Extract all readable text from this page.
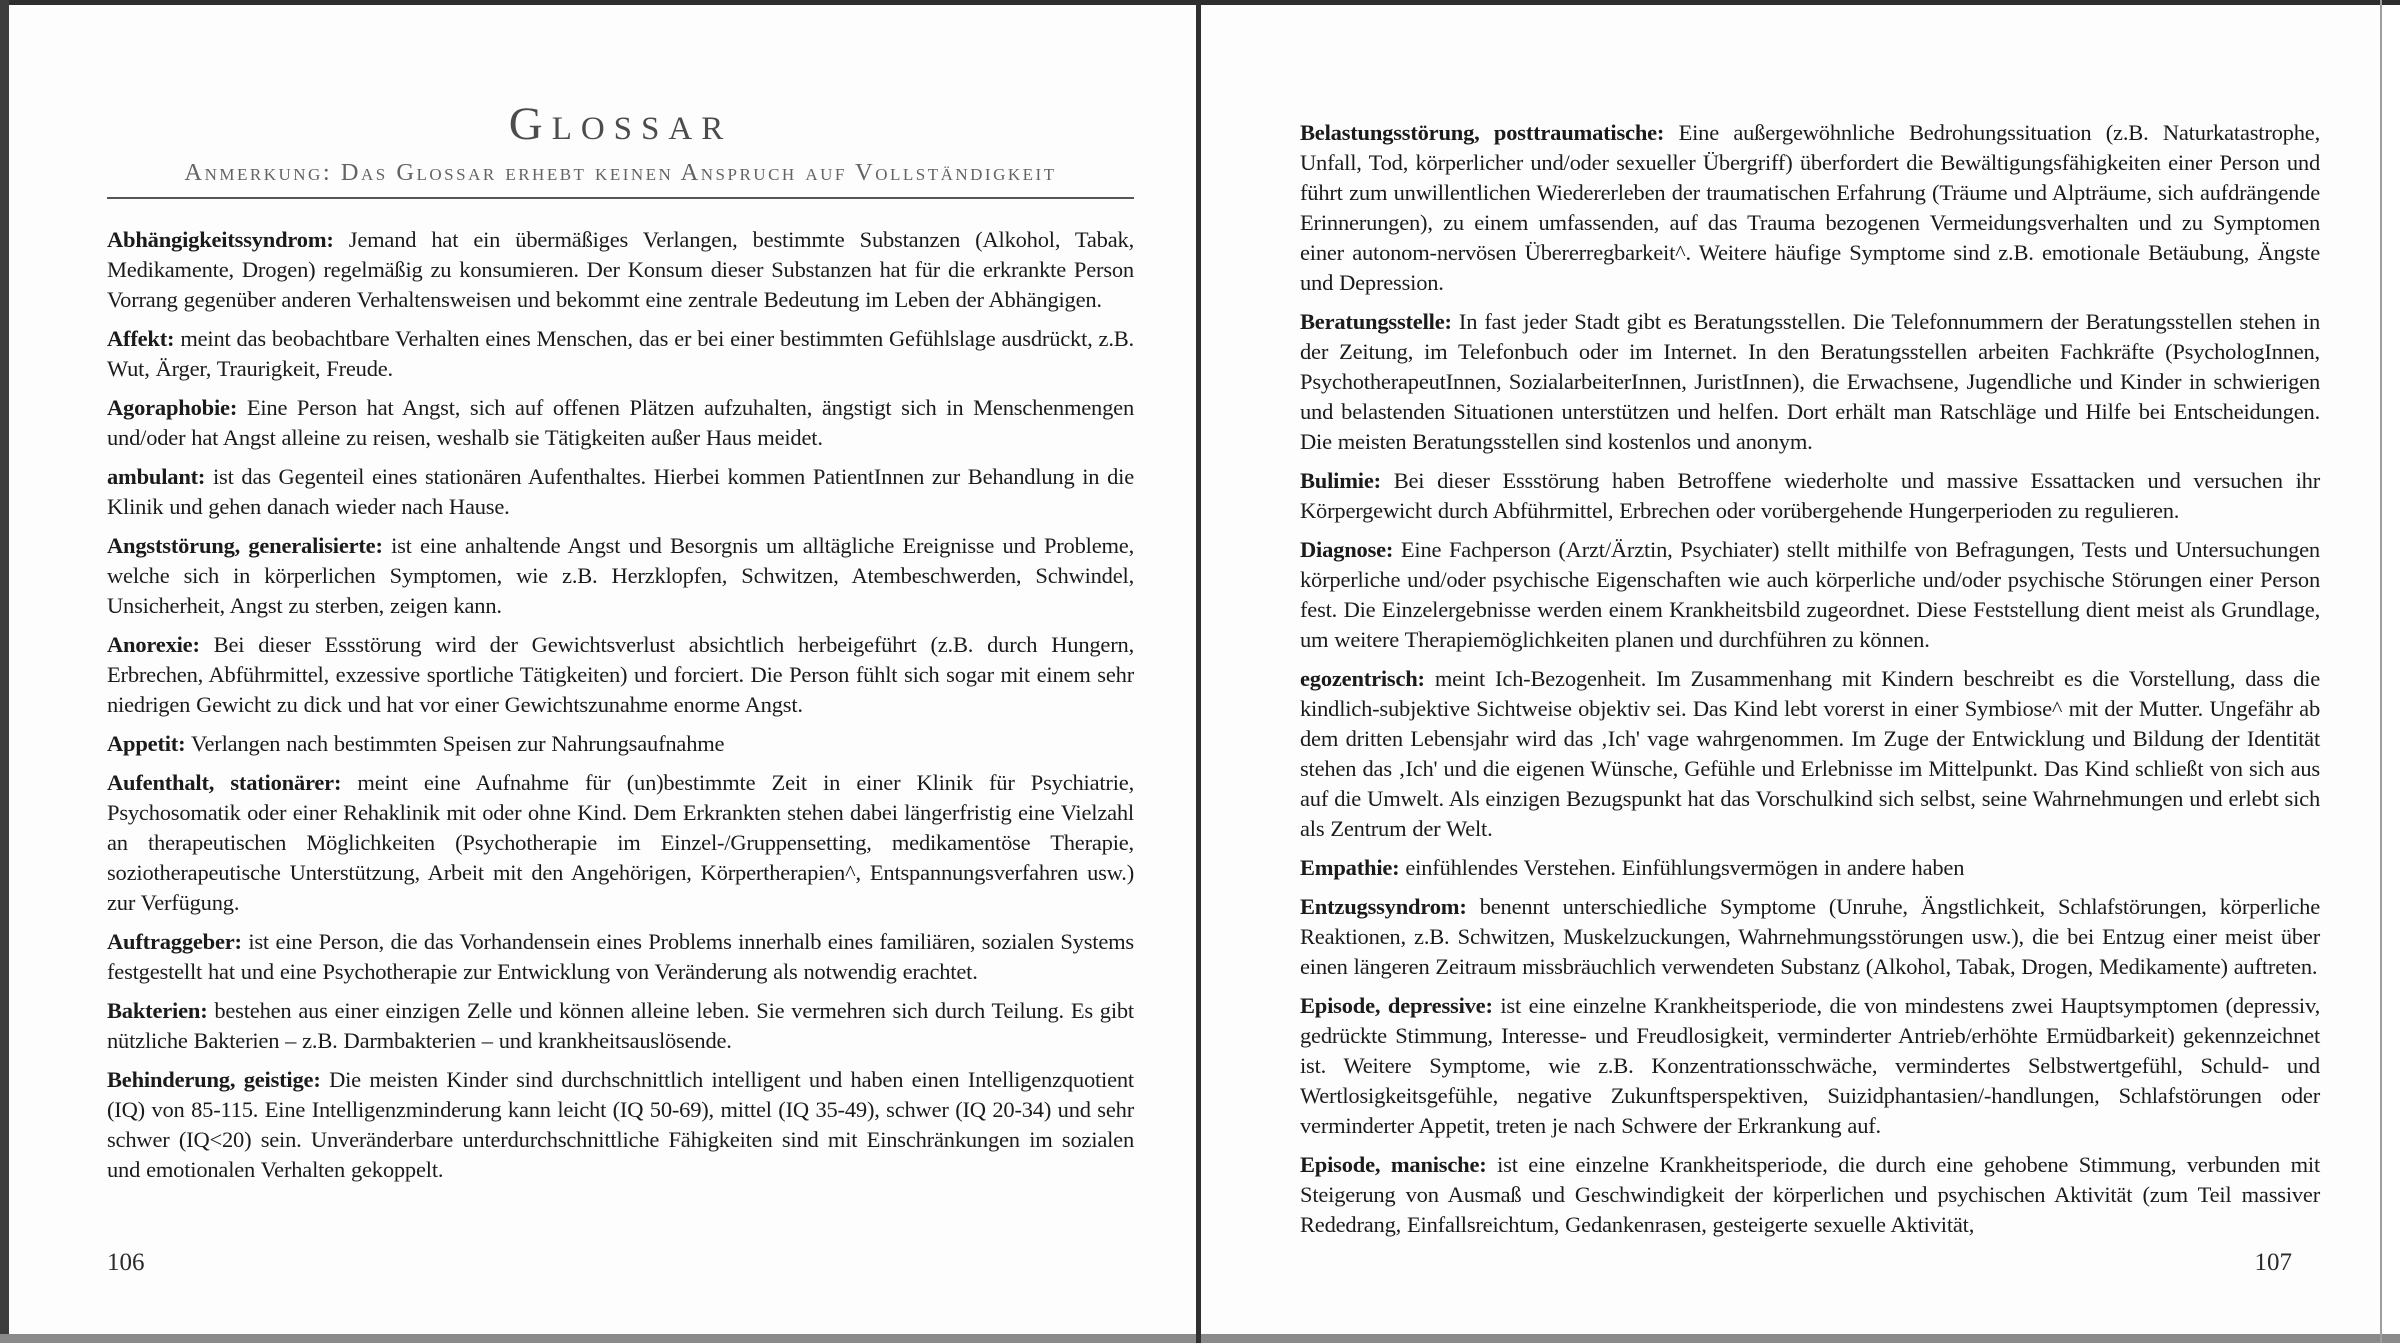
Glossar
Anmerkung: Das Glossar erhebt keinen Anspruch auf Vollständigkeit

Abhängigkeitssyndrom: Jemand hat ein übermäßiges Verlangen, bestimmte Substanzen (Alkohol, Tabak, Medikamente, Drogen) regelmäßig zu konsumieren. Der Konsum dieser Substanzen hat für die erkrankte Person Vorrang gegenüber anderen Verhaltensweisen und bekommt eine zentrale Bedeutung im Leben der Abhängigen.

Affekt: meint das beobachtbare Verhalten eines Menschen, das er bei einer bestimmten Gefühlslage ausdrückt, z.B. Wut, Ärger, Traurigkeit, Freude.

Agoraphobie: Eine Person hat Angst, sich auf offenen Plätzen aufzuhalten, ängstigt sich in Menschenmengen und/oder hat Angst alleine zu reisen, weshalb sie Tätigkeiten außer Haus meidet.

ambulant: ist das Gegenteil eines stationären Aufenthaltes. Hierbei kommen PatientInnen zur Behandlung in die Klinik und gehen danach wieder nach Hause.

Angststörung, generalisierte: ist eine anhaltende Angst und Besorgnis um alltägliche Ereignisse und Probleme, welche sich in körperlichen Symptomen, wie z.B. Herzklopfen, Schwitzen, Atembeschwerden, Schwindel, Unsicherheit, Angst zu sterben, zeigen kann.

Anorexie: Bei dieser Essstörung wird der Gewichtsverlust absichtlich herbeigeführt (z.B. durch Hungern, Erbrechen, Abführmittel, exzessive sportliche Tätigkeiten) und forciert. Die Person fühlt sich sogar mit einem sehr niedrigen Gewicht zu dick und hat vor einer Gewichtszunahme enorme Angst.

Appetit: Verlangen nach bestimmten Speisen zur Nahrungsaufnahme

Aufenthalt, stationärer: meint eine Aufnahme für (un)bestimmte Zeit in einer Klinik für Psychiatrie, Psychosomatik oder einer Rehaklinik mit oder ohne Kind. Dem Erkrankten stehen dabei längerfristig eine Vielzahl an therapeutischen Möglichkeiten (Psychotherapie im Einzel-/Gruppensetting, medikamentöse Therapie, soziotherapeutische Unterstützung, Arbeit mit den Angehörigen, Körpertherapien^, Entspannungsverfahren usw.) zur Verfügung.

Auftraggeber: ist eine Person, die das Vorhandensein eines Problems innerhalb eines familiären, sozialen Systems festgestellt hat und eine Psychotherapie zur Entwicklung von Veränderung als notwendig erachtet.

Bakterien: bestehen aus einer einzigen Zelle und können alleine leben. Sie vermehren sich durch Teilung. Es gibt nützliche Bakterien – z.B. Darmbakterien – und krankheitsauslösende.

Behinderung, geistige: Die meisten Kinder sind durchschnittlich intelligent und haben einen Intelligenzquotient (IQ) von 85-115. Eine Intelligenzminderung kann leicht (IQ 50-69), mittel (IQ 35-49), schwer (IQ 20-34) und sehr schwer (IQ<20) sein. Unveränderbare unterdurchschnittliche Fähigkeiten sind mit Einschränkungen im sozialen und emotionalen Verhalten gekoppelt.

106

Belastungsstörung, posttraumatische: Eine außergewöhnliche Bedrohungssituation (z.B. Naturkatastrophe, Unfall, Tod, körperlicher und/oder sexueller Übergriff) überfordert die Bewältigungsfähigkeiten einer Person und führt zum unwillentlichen Wiedererleben der traumatischen Erfahrung (Träume und Alpträume, sich aufdrängende Erinnerungen), zu einem umfassenden, auf das Trauma bezogenen Vermeidungsverhalten und zu Symptomen einer autonom-nervösen Übererregbarkeit^. Weitere häufige Symptome sind z.B. emotionale Betäubung, Ängste und Depression.

Beratungsstelle: In fast jeder Stadt gibt es Beratungsstellen. Die Telefonnummern der Beratungsstellen stehen in der Zeitung, im Telefonbuch oder im Internet. In den Beratungsstellen arbeiten Fachkräfte (PsychologInnen, PsychotherapeutInnen, SozialarbeiterInnen, JuristInnen), die Erwachsene, Jugendliche und Kinder in schwierigen und belastenden Situationen unterstützen und helfen. Dort erhält man Ratschläge und Hilfe bei Entscheidungen. Die meisten Beratungsstellen sind kostenlos und anonym.

Bulimie: Bei dieser Essstörung haben Betroffene wiederholte und massive Essattacken und versuchen ihr Körpergewicht durch Abführmittel, Erbrechen oder vorübergehende Hungerperioden zu regulieren.

Diagnose: Eine Fachperson (Arzt/Ärztin, Psychiater) stellt mithilfe von Befragungen, Tests und Untersuchungen körperliche und/oder psychische Eigenschaften wie auch körperliche und/oder psychische Störungen einer Person fest. Die Einzelergebnisse werden einem Krankheitsbild zugeordnet. Diese Feststellung dient meist als Grundlage, um weitere Therapiemöglichkeiten planen und durchführen zu können.

egozentrisch: meint Ich-Bezogenheit. Im Zusammenhang mit Kindern beschreibt es die Vorstellung, dass die kindlich-subjektive Sichtweise objektiv sei. Das Kind lebt vorerst in einer Symbiose^ mit der Mutter. Ungefähr ab dem dritten Lebensjahr wird das ‚Ich' vage wahrgenommen. Im Zuge der Entwicklung und Bildung der Identität stehen das ‚Ich' und die eigenen Wünsche, Gefühle und Erlebnisse im Mittelpunkt. Das Kind schließt von sich aus auf die Umwelt. Als einzigen Bezugspunkt hat das Vorschulkind sich selbst, seine Wahrnehmungen und erlebt sich als Zentrum der Welt.

Empathie: einfühlendes Verstehen. Einfühlungsvermögen in andere haben

Entzugssyndrom: benennt unterschiedliche Symptome (Unruhe, Ängstlichkeit, Schlafstörungen, körperliche Reaktionen, z.B. Schwitzen, Muskelzuckungen, Wahrnehmungsstörungen usw.), die bei Entzug einer meist über einen längeren Zeitraum missbräuchlich verwendeten Substanz (Alkohol, Tabak, Drogen, Medikamente) auftreten.

Episode, depressive: ist eine einzelne Krankheitsperiode, die von mindestens zwei Hauptsymptomen (depressiv, gedrückte Stimmung, Interesse- und Freudlosigkeit, verminderter Antrieb/erhöhte Ermüdbarkeit) gekennzeichnet ist. Weitere Symptome, wie z.B. Konzentrationsschwäche, vermindertes Selbstwertgefühl, Schuld- und Wertlosigkeitsgefühle, negative Zukunftsperspektiven, Suizidphantasien/-handlungen, Schlafstörungen oder verminderter Appetit, treten je nach Schwere der Erkrankung auf.

Episode, manische: ist eine einzelne Krankheitsperiode, die durch eine gehobene Stimmung, verbunden mit Steigerung von Ausmaß und Geschwindigkeit der körperlichen und psychischen Aktivität (zum Teil massiver Rededrang, Einfallsreichtum, Gedankenrasen, gesteigerte sexuelle Aktivität,

107
